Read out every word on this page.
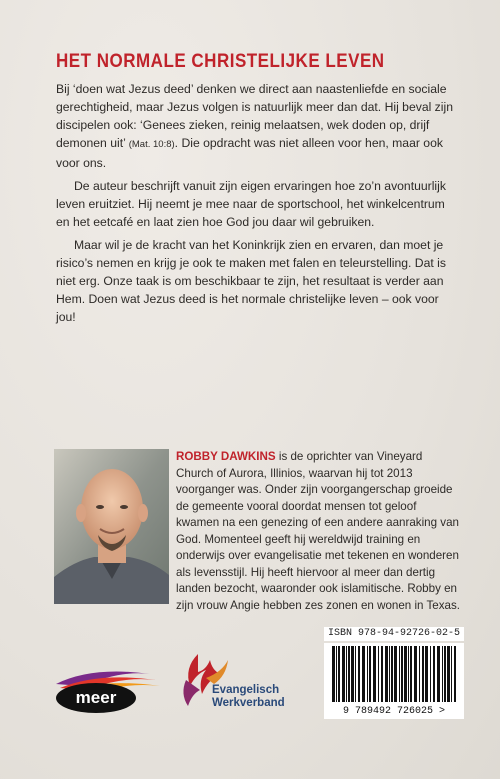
HET NORMALE CHRISTELIJKE LEVEN

Bij ‘doen wat Jezus deed’ denken we direct aan naastenliefde en sociale gerechtigheid, maar Jezus volgen is natuurlijk meer dan dat. Hij beval zijn discipelen ook: ‘Genees zieken, reinig melaatsen, wek doden op, drijf demonen uit’ (Mat. 10:8). Die opdracht was niet alleen voor hen, maar ook voor ons.

De auteur beschrijft vanuit zijn eigen ervaringen hoe zo’n avontuurlijk leven eruitziet. Hij neemt je mee naar de sportschool, het winkelcentrum en het eetcafé en laat zien hoe God jou daar wil gebruiken.

Maar wil je de kracht van het Koninkrijk zien en ervaren, dan moet je risico’s nemen en krijg je ook te maken met falen en teleurstelling. Dat is niet erg. Onze taak is om beschikbaar te zijn, het resultaat is verder aan Hem. Doen wat Jezus deed is het normale christelijke leven – ook voor jou!

ROBBY DAWKINS is de oprichter van Vineyard Church of Aurora, Illinios, waarvan hij tot 2013 voorganger was. Onder zijn voorgangerschap groeide de gemeente vooral doordat mensen tot geloof kwamen na een genezing of een andere aanraking van God. Momenteel geeft hij wereldwijd training en onderwijs over evangelisatie met tekenen en wonderen als levensstijl. Hij heeft hiervoor al meer dan dertig landen bezocht, waaronder ook islamitische. Robby en zijn vrouw Angie hebben zes zonen en wonen in Texas.
meer	Evangelisch
Werkverband
ISBN 978-94-92726-02-5
9 789492 726025 >
